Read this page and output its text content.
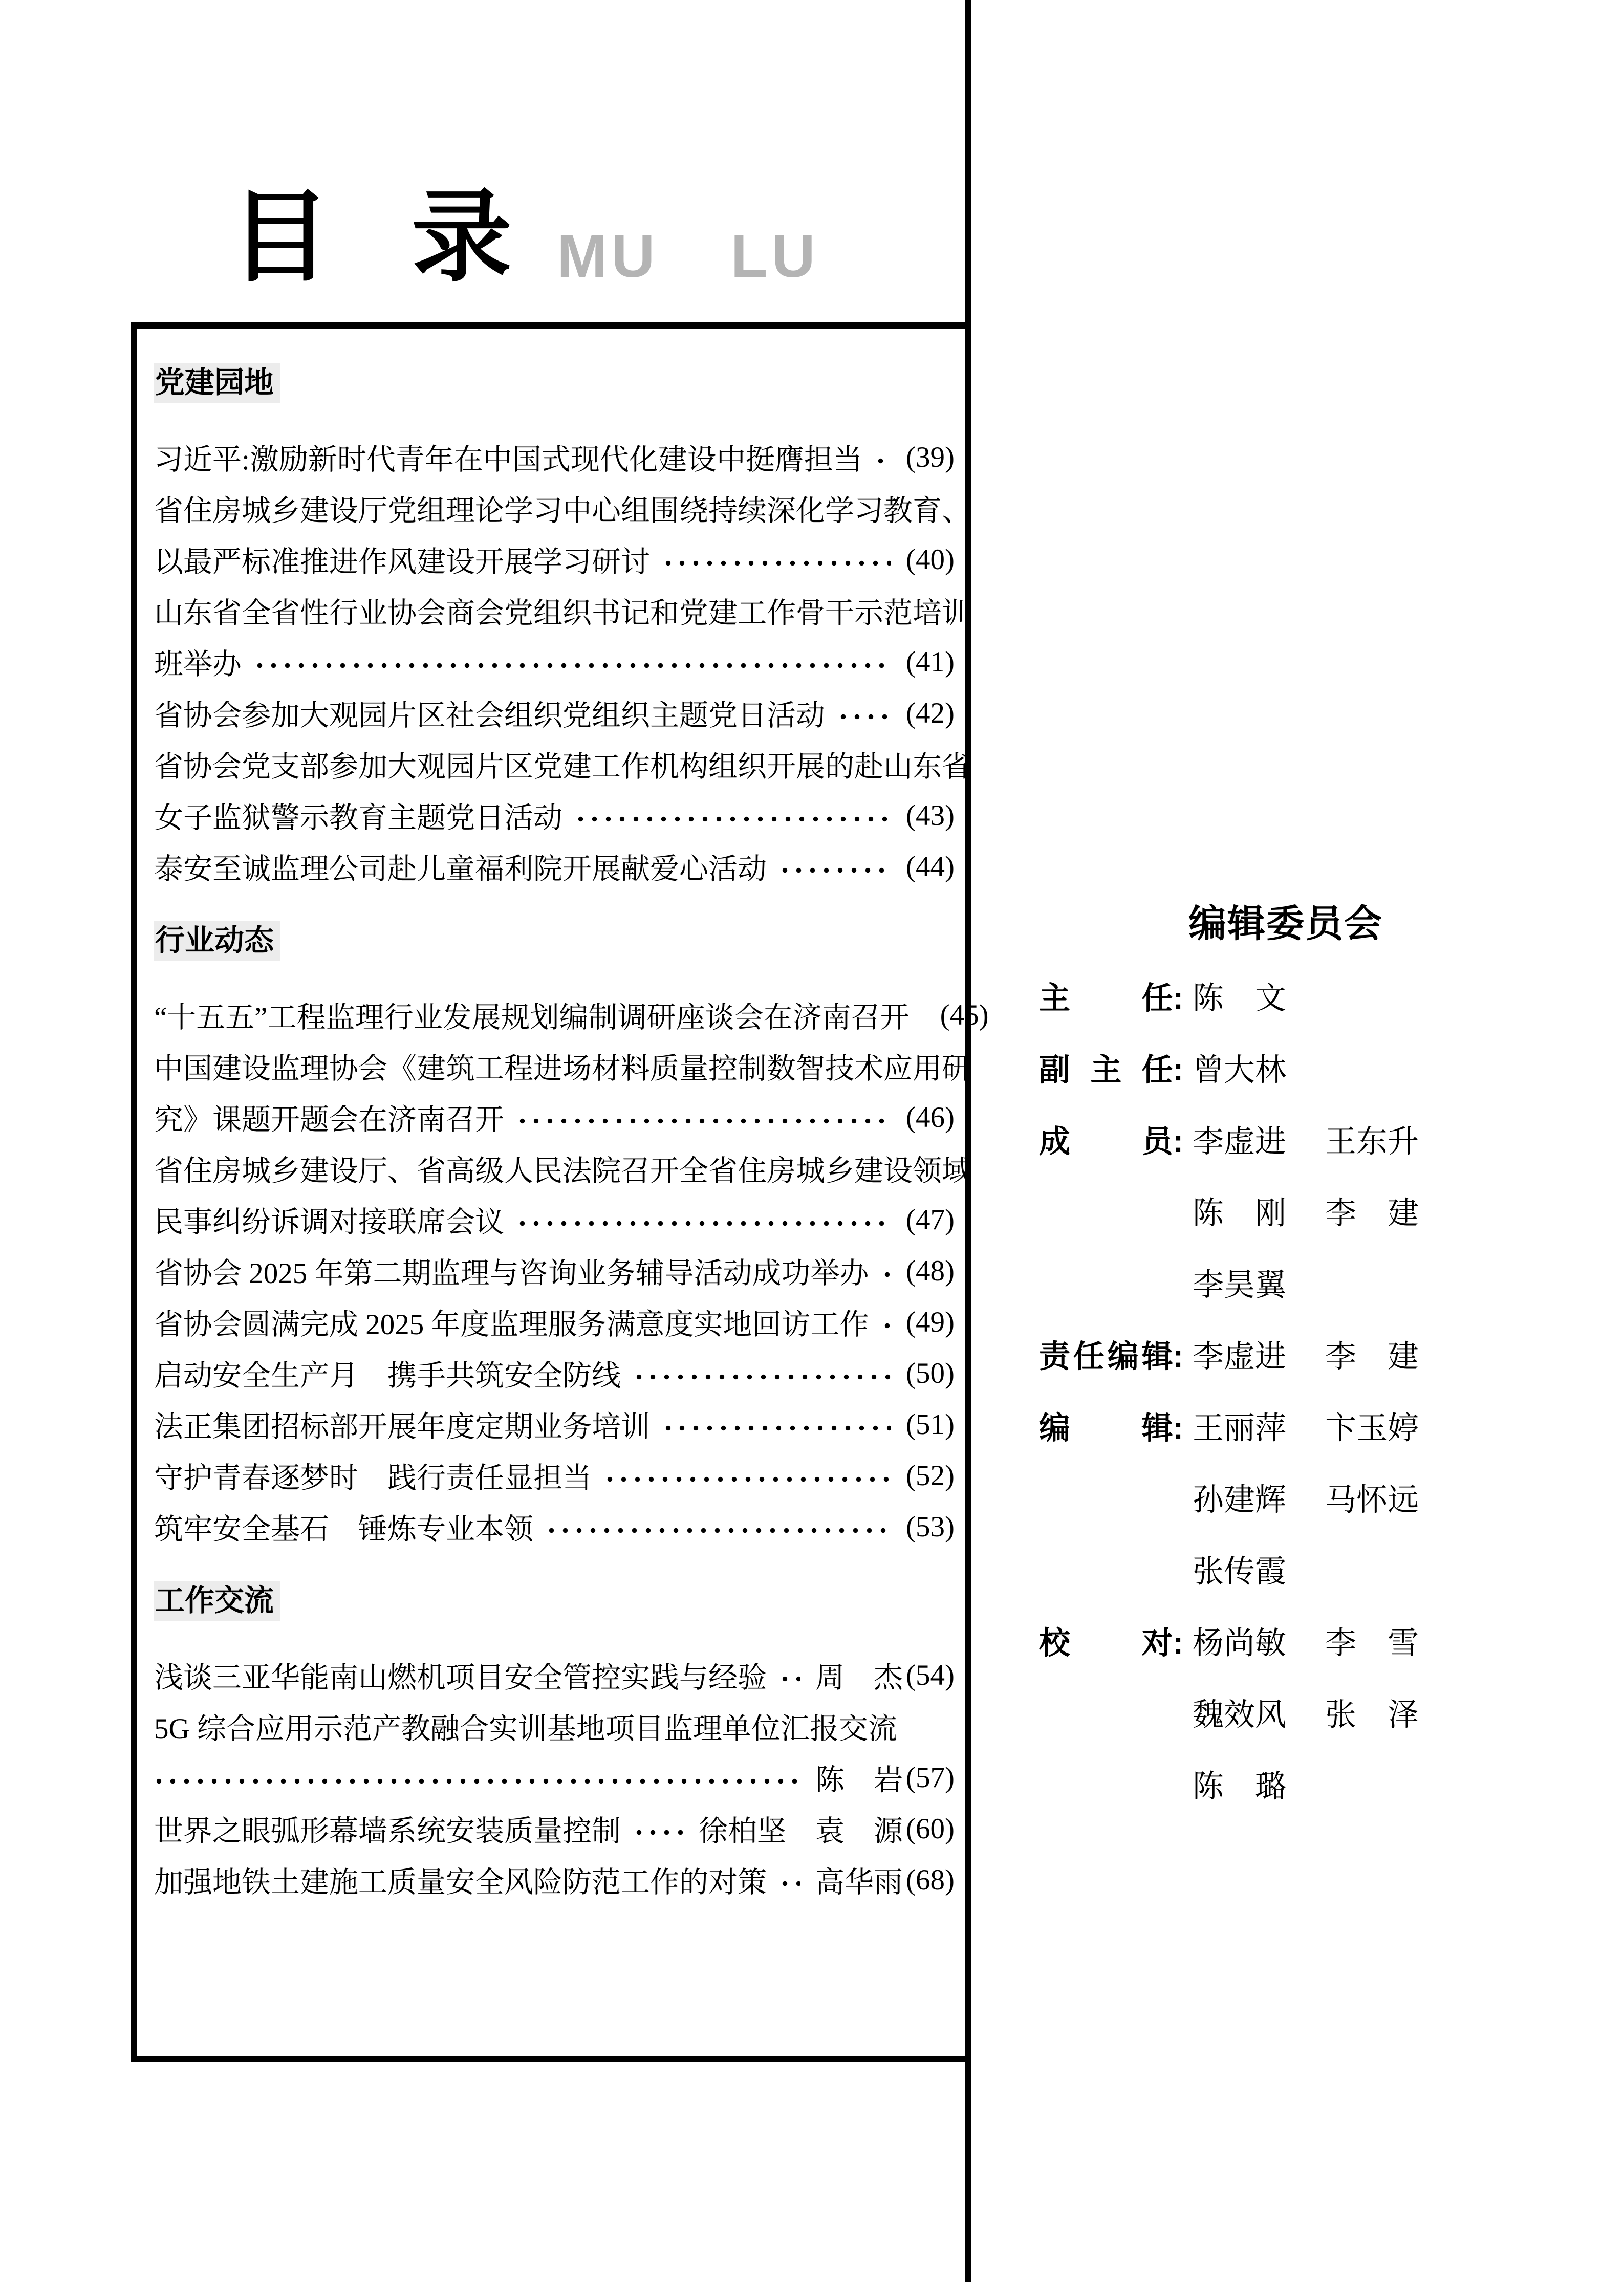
目 录 MU LU
党建园地
习近平:激励新时代青年在中国式现代化建设中挺膺担当 (39)
省住房城乡建设厅党组理论学习中心组围绕持续深化学习教育、
以最严标准推进作风建设开展学习研讨	(40)
山东省全省性行业协会商会党组织书记和党建工作骨干示范培训
班举办	(41)
省协会参加大观园片区社会组织党组织主题党日活动	(42)
省协会党支部参加大观园片区党建工作机构组织开展的赴山东省
女子监狱警示教育主题党日活动	(43)
泰安至诚监理公司赴儿童福利院开展献爱心活动	(44)
行业动态
“十五五”工程监理行业发展规划编制调研座谈会在济南召开 (45)
中国建设监理协会《建筑工程进场材料质量控制数智技术应用研
究》课题开题会在济南召开	(46)
省住房城乡建设厅、省高级人民法院召开全省住房城乡建设领域
民事纠纷诉调对接联席会议	(47)
省协会 2025 年第二期监理与咨询业务辅导活动成功举办 (48)
省协会圆满完成 2025 年度监理服务满意度实地回访工作 (49)
启动安全生产月　携手共筑安全防线	(50)
法正集团招标部开展年度定期业务培训	(51)
守护青春逐梦时　践行责任显担当	(52)
筑牢安全基石　锤炼专业本领	(53)
工作交流
浅谈三亚华能南山燃机项目安全管控实践与经验 周　杰 (54)
5G 综合应用示范产教融合实训基地项目监理单位汇报交流
陈　岩 (57)
世界之眼弧形幕墙系统安装质量控制	徐柏坚　袁　源 (60)
加强地铁土建施工质量安全风险防范工作的对策 高华雨 (68)
编辑委员会
主 任: 陈　文
副 主 任: 曾大林
成 员: 李虚进 王东升
陈　刚 李　建
李昊翼
责 任 编 辑: 李虚进 李　建
编 辑: 王丽萍 卞玉婷
孙建辉 马怀远
张传霞
校 对: 杨尚敏 李　雪
魏效风 张　泽
陈　璐
